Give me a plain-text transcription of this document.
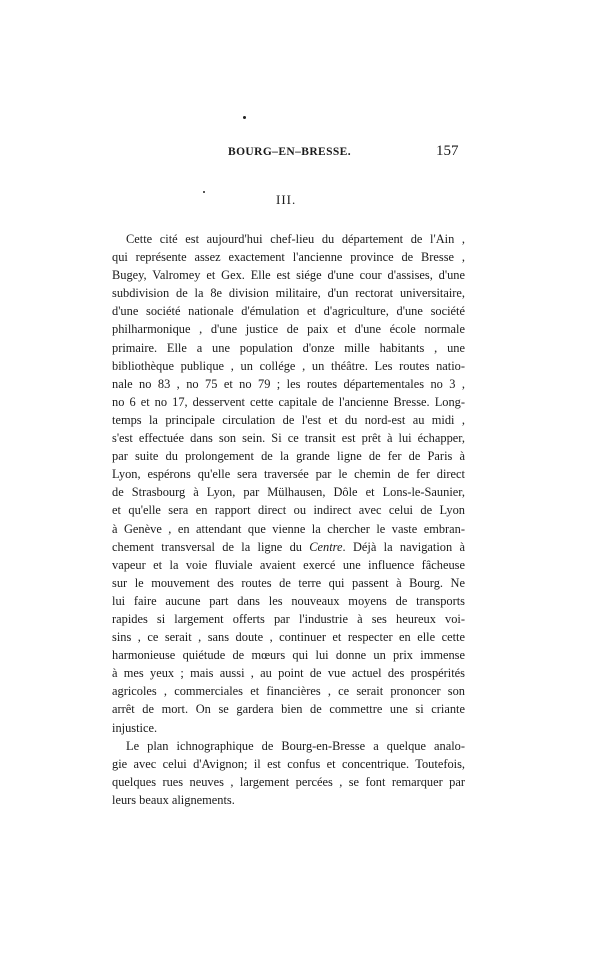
BOURG–EN–BRESSE.	157
III.
Cette cité est aujourd'hui chef-lieu du département de l'Ain ,
qui représente assez exactement l'ancienne province de Bresse ,
Bugey, Valromey et Gex. Elle est siége d'une cour d'assises, d'une
subdivision de la 8e division militaire, d'un rectorat universitaire,
d'une société nationale d'émulation et d'agriculture, d'une société
philharmonique , d'une justice de paix et d'une école normale
primaire. Elle a une population d'onze mille habitants , une
bibliothèque publique , un collége , un théâtre. Les routes natio-
nale no 83 , no 75 et no 79 ; les routes départementales no 3 ,
no 6 et no 17, desservent cette capitale de l'ancienne Bresse. Long-
temps la principale circulation de l'est et du nord-est au midi ,
s'est effectuée dans son sein. Si ce transit est prêt à lui échapper,
par suite du prolongement de la grande ligne de fer de Paris à
Lyon, espérons qu'elle sera traversée par le chemin de fer direct
de Strasbourg à Lyon, par Mülhausen, Dôle et Lons-le-Saunier,
et qu'elle sera en rapport direct ou indirect avec celui de Lyon
à Genève , en attendant que vienne la chercher le vaste embran-
chement transversal de la ligne du Centre. Déjà la navigation à
vapeur et la voie fluviale avaient exercé une influence fâcheuse
sur le mouvement des routes de terre qui passent à Bourg. Ne
lui faire aucune part dans les nouveaux moyens de transports
rapides si largement offerts par l'industrie à ses heureux voi-
sins , ce serait , sans doute , continuer et respecter en elle cette
harmonieuse quiétude de mœurs qui lui donne un prix immense
à mes yeux ; mais aussi , au point de vue actuel des prospérités
agricoles , commerciales et financières , ce serait prononcer son
arrêt de mort. On se gardera bien de commettre une si criante
injustice.
Le plan ichnographique de Bourg-en-Bresse a quelque analo-
gie avec celui d'Avignon; il est confus et concentrique. Toutefois,
quelques rues neuves , largement percées , se font remarquer par
leurs beaux alignements.
